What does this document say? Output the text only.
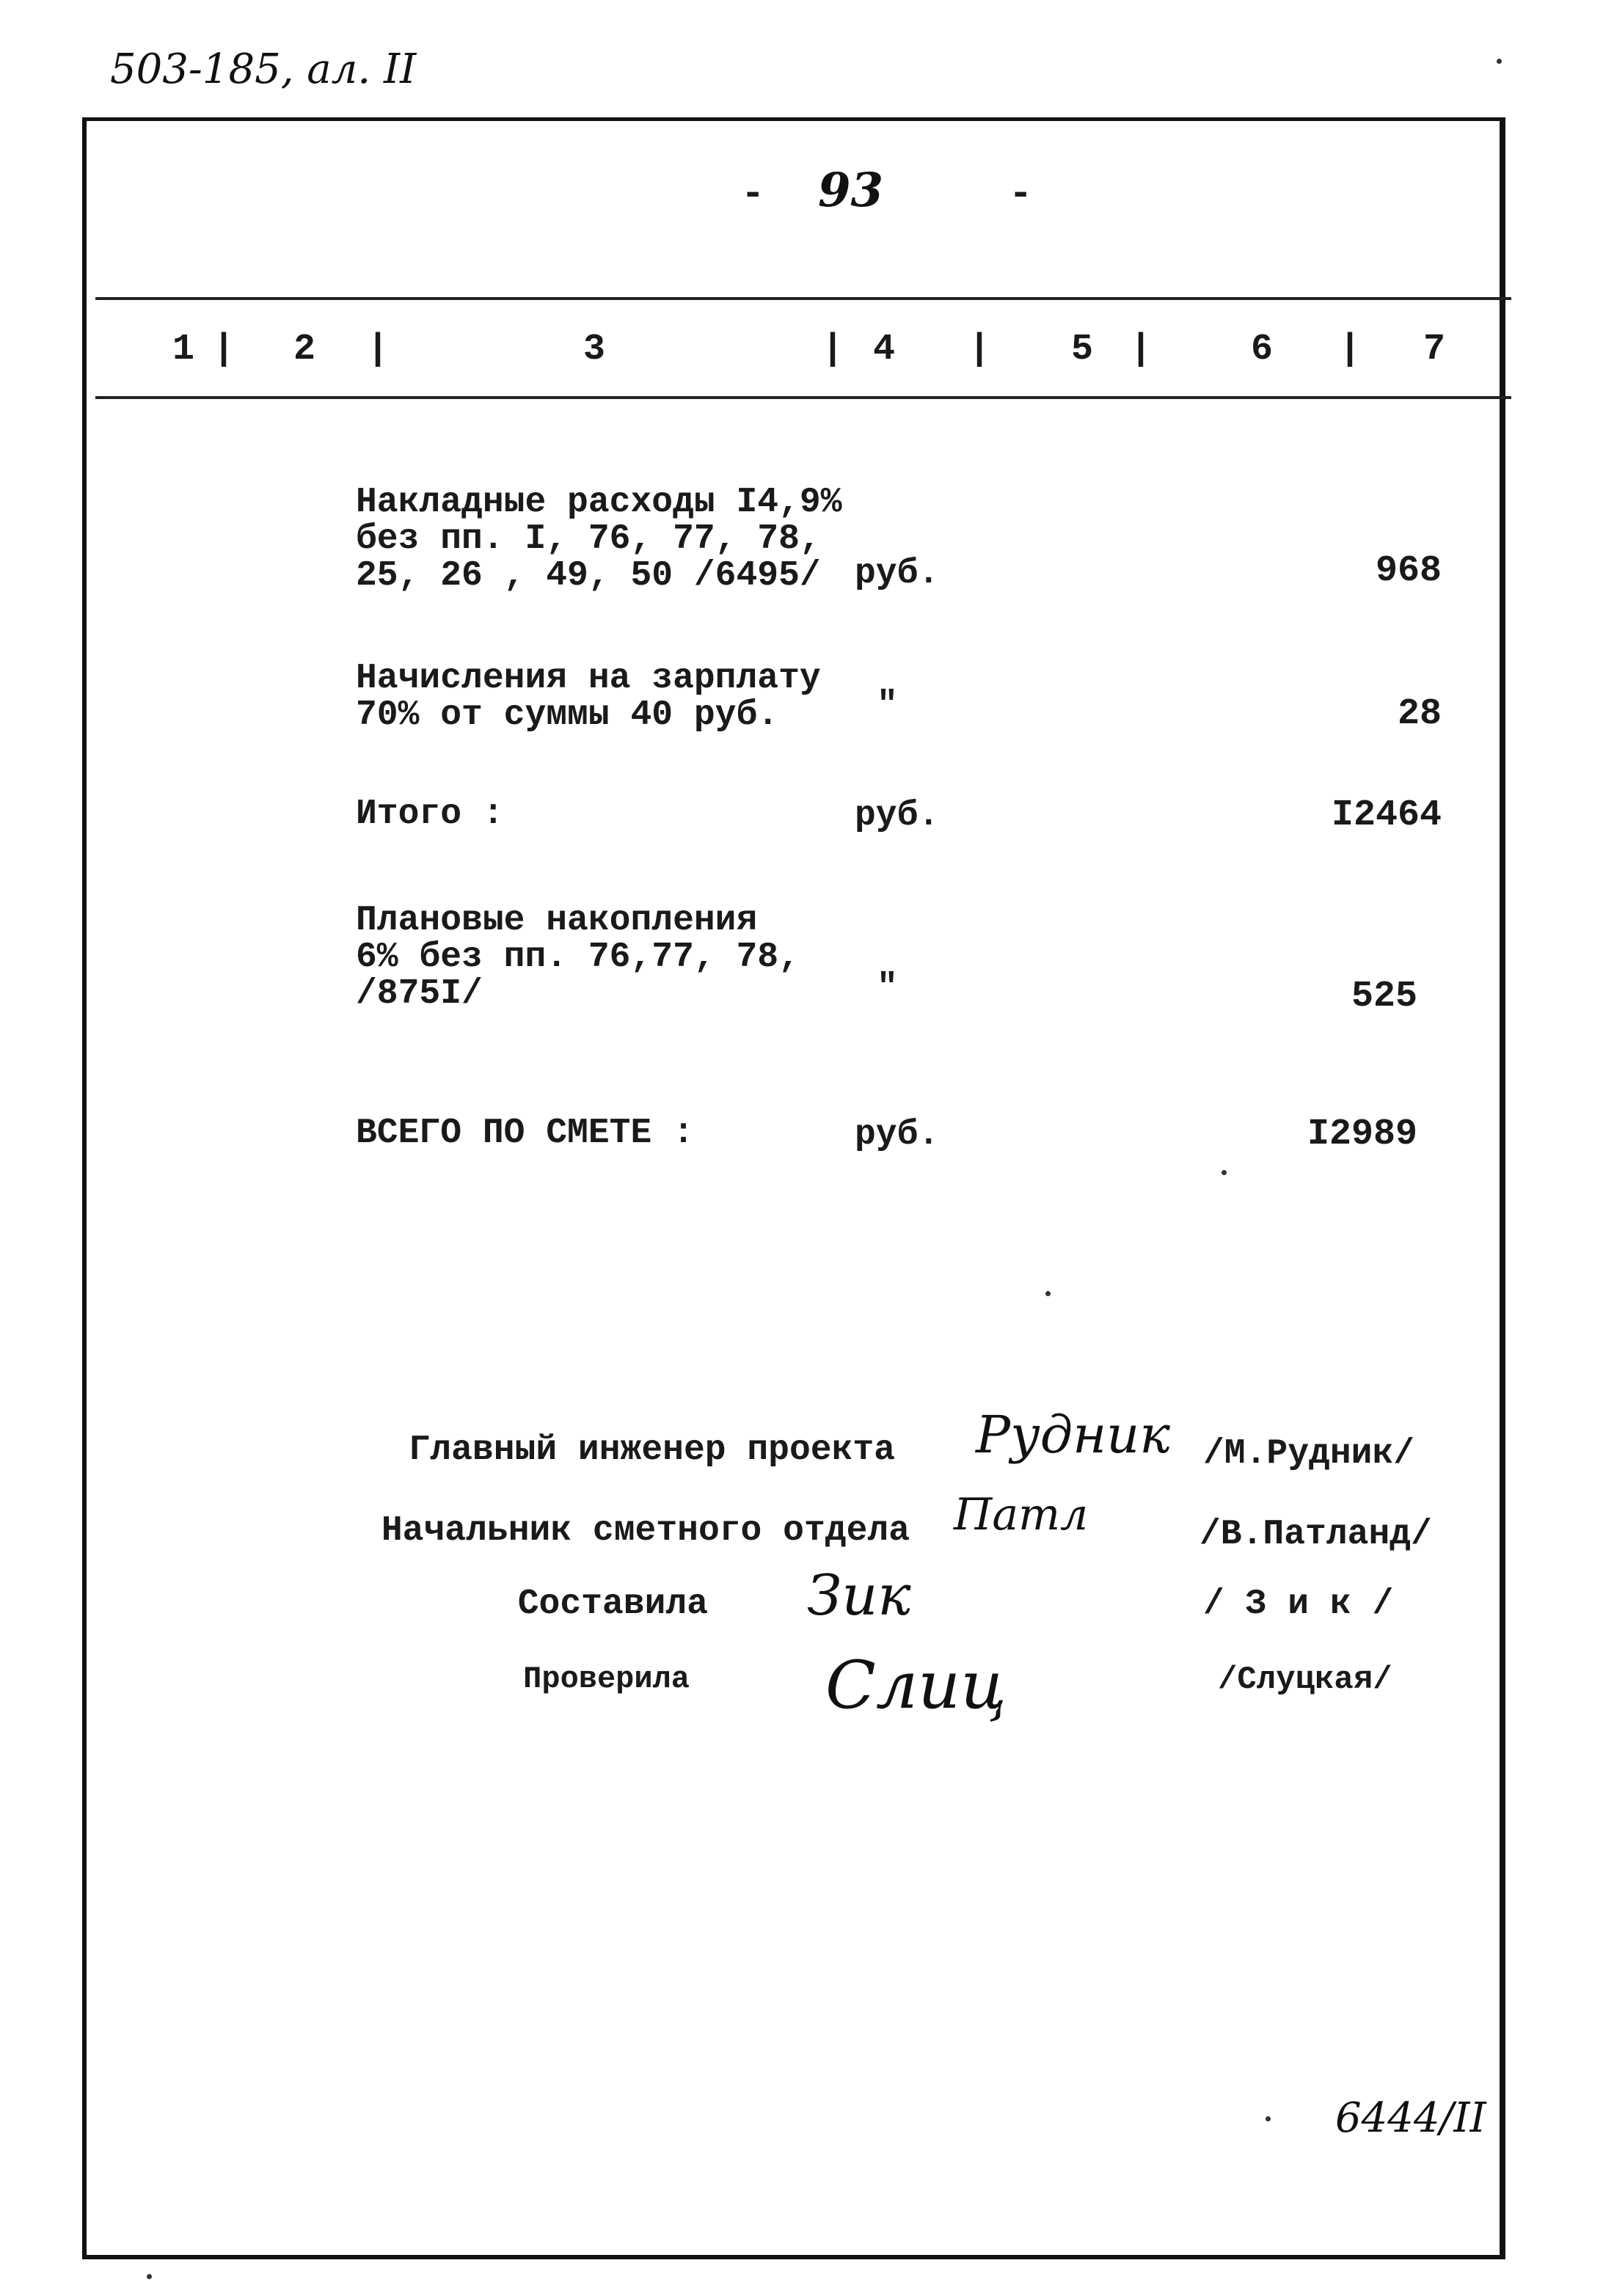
503-185, ал. II
- 93	-
1 | 2 |	3	| 4 | 5 |	6 | 7
Накладные расходы I4,9%
без пп. I, 76, 77, 78,
25, 26 , 49, 50 /6495/ руб.	968
Начисления на зарплату
70% от суммы 40 руб.	"	28
Итого :	руб.	I2464
Плановые накопления
6% без пп. 76,77, 78,
/875I/	"	525
ВСЕГО ПО СМЕТЕ :	руб.	I2989
Главный инженер проекта Рудник /М.Рудник/
Начальник сметного отдела Патл	/В.Патланд/
Составила Зик	/ З и к /
Проверила Слиц	/Слуцкая/
6444/II
